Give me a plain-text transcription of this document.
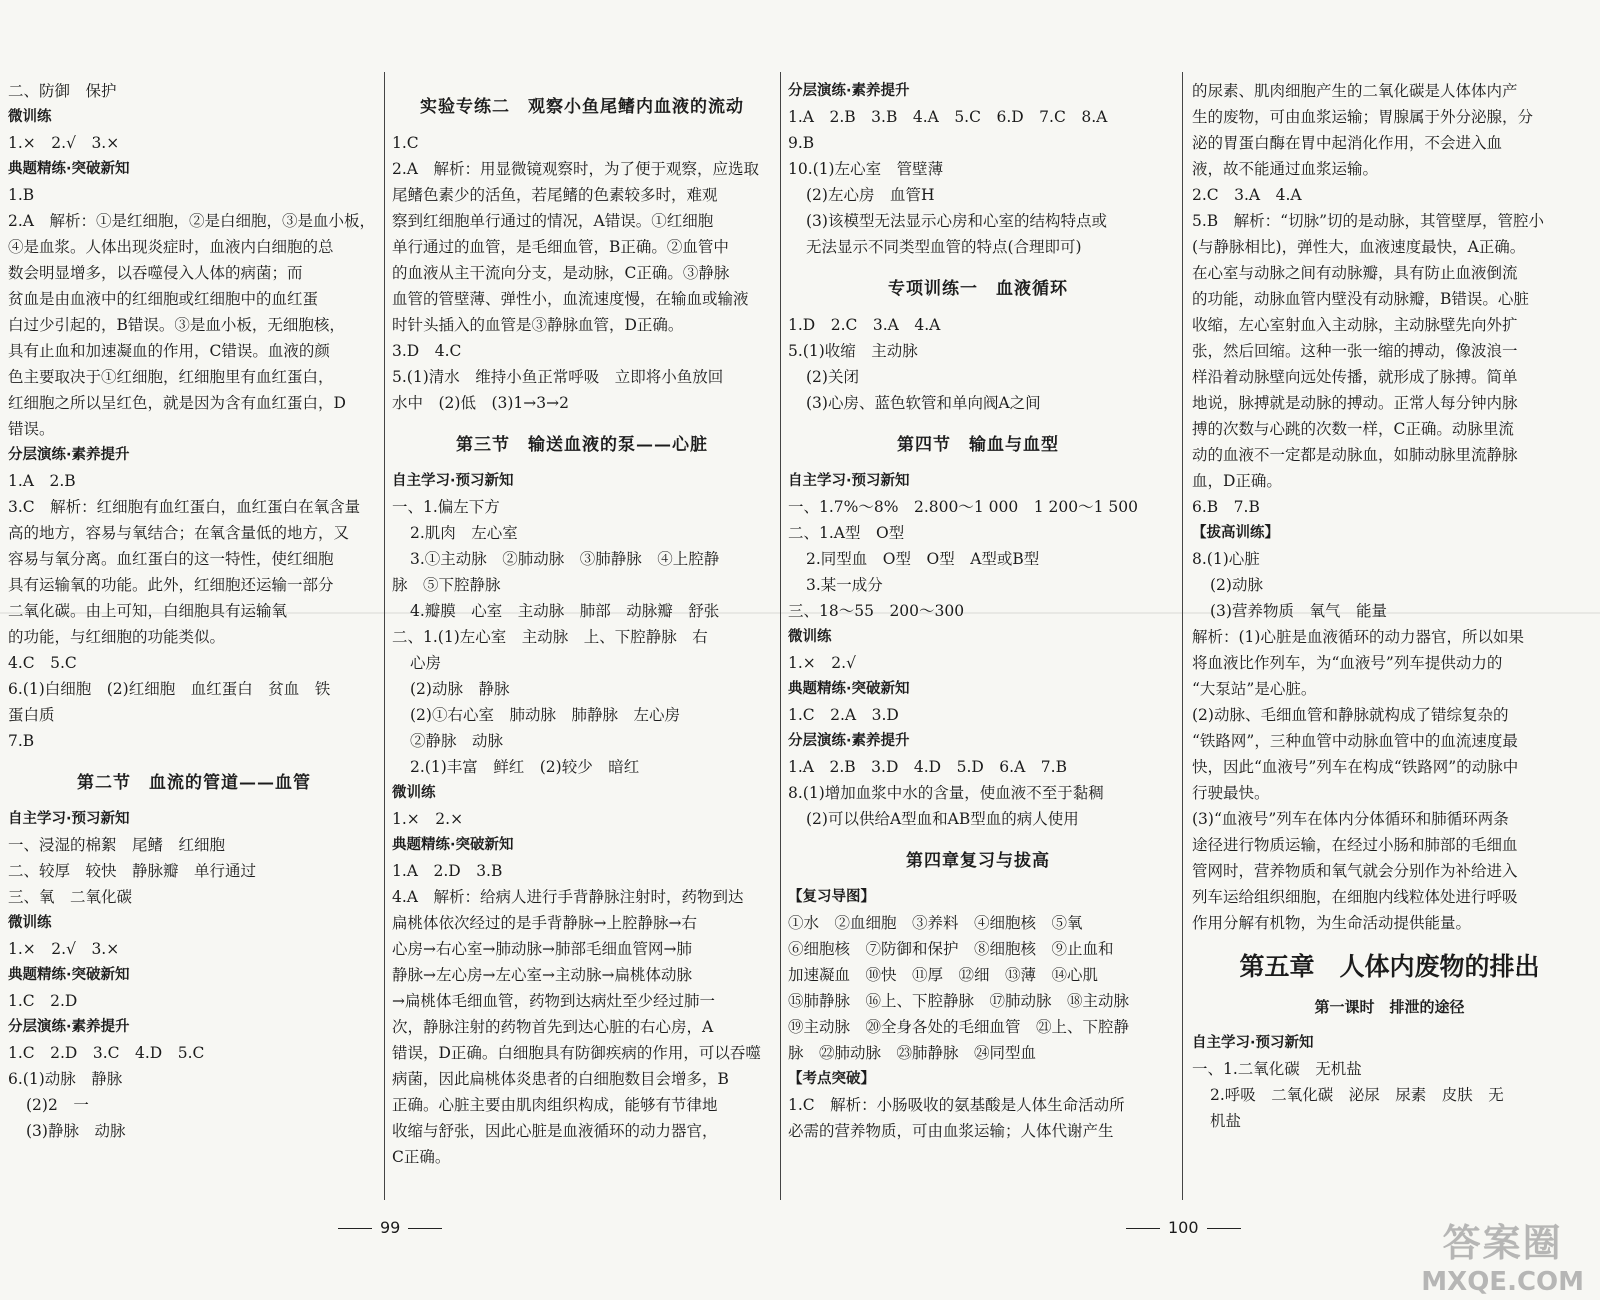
二、防御　保护
微训练
1.×　2.√　3.×
典题精练·突破新知
1.B
2.A　解析：①是红细胞，②是白细胞，③是血小板，
④是血浆。人体出现炎症时，血液内白细胞的总
数会明显增多，以吞噬侵入人体的病菌；而
贫血是由血液中的红细胞或红细胞中的血红蛋
白过少引起的，B错误。③是血小板，无细胞核，
具有止血和加速凝血的作用，C错误。血液的颜
色主要取决于①红细胞，红细胞里有血红蛋白，
红细胞之所以呈红色，就是因为含有血红蛋白，D
错误。
分层演练·素养提升
1.A　2.B
3.C　解析：红细胞有血红蛋白，血红蛋白在氧含量
高的地方，容易与氧结合；在氧含量低的地方，又
容易与氧分离。血红蛋白的这一特性，使红细胞
具有运输氧的功能。此外，红细胞还运输一部分
二氧化碳。由上可知，白细胞具有运输氧
的功能，与红细胞的功能类似。
4.C　5.C
6.(1)白细胞　(2)红细胞　血红蛋白　贫血　铁
蛋白质
7.B
第二节　血流的管道——血管
自主学习·预习新知
一、浸湿的棉絮　尾鳍　红细胞
二、较厚　较快　静脉瓣　单行通过
三、氧　二氧化碳
微训练
1.×　2.√　3.×
典题精练·突破新知
1.C　2.D
分层演练·素养提升
1.C　2.D　3.C　4.D　5.C
6.(1)动脉　静脉
(2)2　一
(3)静脉　动脉
实验专练二　观察小鱼尾鳍内血液的流动
1.C
2.A　解析：用显微镜观察时，为了便于观察，应选取
尾鳍色素少的活鱼，若尾鳍的色素较多时，难观
察到红细胞单行通过的情况，A错误。①红细胞
单行通过的血管，是毛细血管，B正确。②血管中
的血液从主干流向分支，是动脉，C正确。③静脉
血管的管壁薄、弹性小，血流速度慢，在输血或输液
时针头插入的血管是③静脉血管，D正确。
3.D　4.C
5.(1)清水　维持小鱼正常呼吸　立即将小鱼放回
水中　(2)低　(3)1→3→2
第三节　输送血液的泵——心脏
自主学习·预习新知
一、1.偏左下方
2.肌肉　左心室
3.①主动脉　②肺动脉　③肺静脉　④上腔静
脉　⑤下腔静脉
4.瓣膜　心室　主动脉　肺部　动脉瓣　舒张
二、1.(1)左心室　主动脉　上、下腔静脉　右
心房
(2)动脉　静脉
(2)①右心室　肺动脉　肺静脉　左心房
②静脉　动脉
2.(1)丰富　鲜红　(2)较少　暗红
微训练
1.×　2.×
典题精练·突破新知
1.A　2.D　3.B
4.A　解析：给病人进行手背静脉注射时，药物到达
扁桃体依次经过的是手背静脉→上腔静脉→右
心房→右心室→肺动脉→肺部毛细血管网→肺
静脉→左心房→左心室→主动脉→扁桃体动脉
→扁桃体毛细血管，药物到达病灶至少经过肺一
次，静脉注射的药物首先到达心脏的右心房，A
错误，D正确。白细胞具有防御疾病的作用，可以吞噬
病菌，因此扁桃体炎患者的白细胞数目会增多，B
正确。心脏主要由肌肉组织构成，能够有节律地
收缩与舒张，因此心脏是血液循环的动力器官，
C正确。
分层演练·素养提升
1.A　2.B　3.B　4.A　5.C　6.D　7.C　8.A
9.B
10.(1)左心室　管壁薄
(2)左心房　血管H
(3)该模型无法显示心房和心室的结构特点或
无法显示不同类型血管的特点(合理即可)
专项训练一　血液循环
1.D　2.C　3.A　4.A
5.(1)收缩　主动脉
(2)关闭
(3)心房、蓝色软管和单向阀A之间
第四节　输血与血型
自主学习·预习新知
一、1.7%～8%　2.800～1 000　1 200～1 500
二、1.A型　O型
2.同型血　O型　O型　A型或B型
3.某一成分
三、18～55　200～300
微训练
1.×　2.√
典题精练·突破新知
1.C　2.A　3.D
分层演练·素养提升
1.A　2.B　3.D　4.D　5.D　6.A　7.B
8.(1)增加血浆中水的含量，使血液不至于黏稠
(2)可以供给A型血和AB型血的病人使用
第四章复习与拔高
【复习导图】
①水　②血细胞　③养料　④细胞核　⑤氧
⑥细胞核　⑦防御和保护　⑧细胞核　⑨止血和
加速凝血　⑩快　⑪厚　⑫细　⑬薄　⑭心肌
⑮肺静脉　⑯上、下腔静脉　⑰肺动脉　⑱主动脉
⑲主动脉　⑳全身各处的毛细血管　㉑上、下腔静
脉　㉒肺动脉　㉓肺静脉　㉔同型血
【考点突破】
1.C　解析：小肠吸收的氨基酸是人体生命活动所
必需的营养物质，可由血浆运输；人体代谢产生
的尿素、肌肉细胞产生的二氧化碳是人体体内产
生的废物，可由血浆运输；胃腺属于外分泌腺，分
泌的胃蛋白酶在胃中起消化作用，不会进入血
液，故不能通过血浆运输。
2.C　3.A　4.A
5.B　解析：“切脉”切的是动脉，其管壁厚，管腔小
(与静脉相比)，弹性大，血液速度最快，A正确。
在心室与动脉之间有动脉瓣，具有防止血液倒流
的功能，动脉血管内壁没有动脉瓣，B错误。心脏
收缩，左心室射血入主动脉，主动脉壁先向外扩
张，然后回缩。这种一张一缩的搏动，像波浪一
样沿着动脉壁向远处传播，就形成了脉搏。简单
地说，脉搏就是动脉的搏动。正常人每分钟内脉
搏的次数与心跳的次数一样，C正确。动脉里流
动的血液不一定都是动脉血，如肺动脉里流静脉
血，D正确。
6.B　7.B
【拔高训练】
8.(1)心脏
(2)动脉
(3)营养物质　氧气　能量
解析：(1)心脏是血液循环的动力器官，所以如果
将血液比作列车，为“血液号”列车提供动力的
“大泵站”是心脏。
(2)动脉、毛细血管和静脉就构成了错综复杂的
“铁路网”，三种血管中动脉血管中的血流速度最
快，因此“血液号”列车在构成“铁路网”的动脉中
行驶最快。
(3)“血液号”列车在体内分体循环和肺循环两条
途径进行物质运输，在经过小肠和肺部的毛细血
管网时，营养物质和氧气就会分别作为补给进入
列车运给组织细胞，在细胞内线粒体处进行呼吸
作用分解有机物，为生命活动提供能量。
第五章　人体内废物的排出
第一课时　排泄的途径
自主学习·预习新知
一、1.二氧化碳　无机盐
2.呼吸　二氧化碳　泌尿　尿素　皮肤　无
机盐
99	100	答案圈
MXQE.COM
